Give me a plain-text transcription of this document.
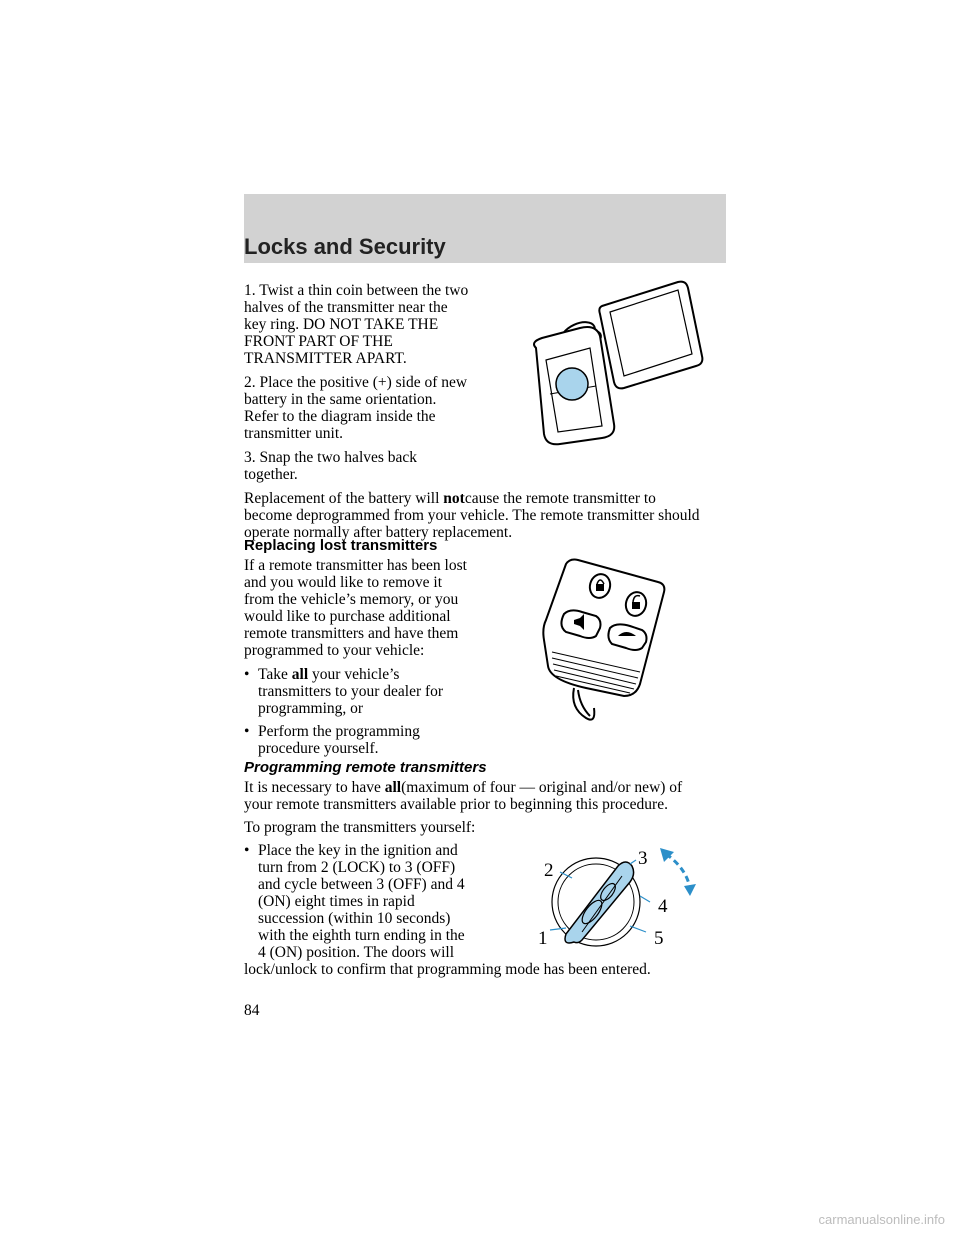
Locks and Security

1. Twist a thin coin between the two

halves of the transmitter near the

key ring. DO NOT TAKE THE

FRONT PART OF THE

TRANSMITTER APART.

2. Place the positive (+) side of new

battery in the same orientation.

Refer to the diagram inside the

transmitter unit.

3. Snap the two halves back

together.

Replacement of the battery will notcause the remote transmitter to

become deprogrammed from your vehicle. The remote transmitter should

operate normally after battery replacement.

Replacing lost transmitters

If a remote transmitter has been lost

and you would like to remove it

from the vehicle’s memory, or you

would like to purchase additional

remote transmitters and have them

programmed to your vehicle:

• Take all your vehicle’s

transmitters to your dealer for

programming, or

• Perform the programming

procedure yourself.

Programming remote transmitters

It is necessary to have all(maximum of four — original and/or new) of

your remote transmitters available prior to beginning this procedure.

To program the transmitters yourself:

• Place the key in the ignition and

turn from 2 (LOCK) to 3 (OFF)

and cycle between 3 (OFF) and 4

(ON) eight times in rapid

succession (within 10 seconds)

with the eighth turn ending in the

4 (ON) position. The doors will

lock/unlock to confirm that programming mode has been entered.

1
2
3
4
5
84
carmanualsonline.info
